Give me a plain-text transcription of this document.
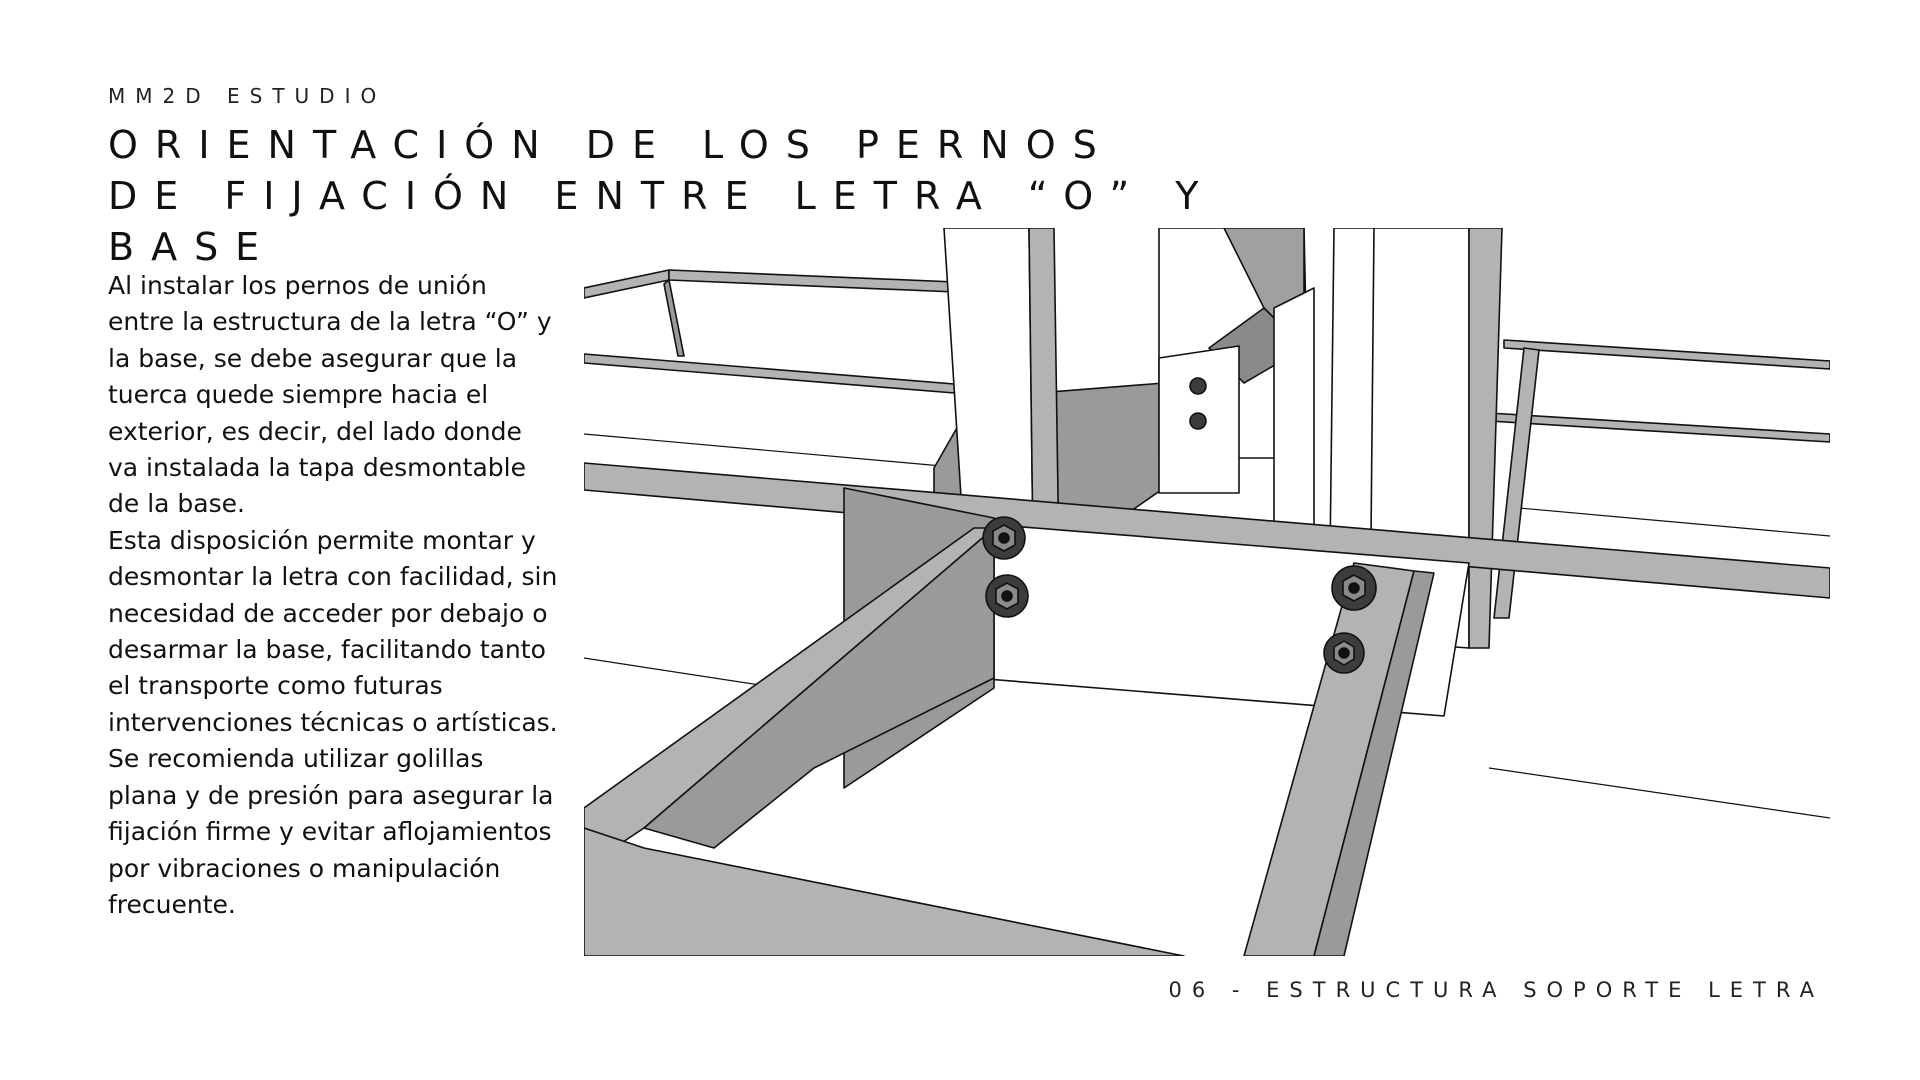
MM2D ESTUDIO
ORIENTACIÓN DE LOS PERNOS
DE FIJACIÓN ENTRE LETRA “O” Y
BASE

Al instalar los pernos de unión entre la estructura de la letra “O” y la base, se debe asegurar que la tuerca quede siempre hacia el exterior, es decir, del lado donde va instalada la tapa desmontable de la base.

Esta disposición permite montar y desmontar la letra con facilidad, sin necesidad de acceder por debajo o desarmar la base, facilitando tanto el transporte como futuras intervenciones técnicas o artísticas.

Se recomienda utilizar golillas plana y de presión para asegurar la fijación firme y evitar aflojamientos por vibraciones o manipulación frecuente.

06 - ESTRUCTURA SOPORTE LETRA
